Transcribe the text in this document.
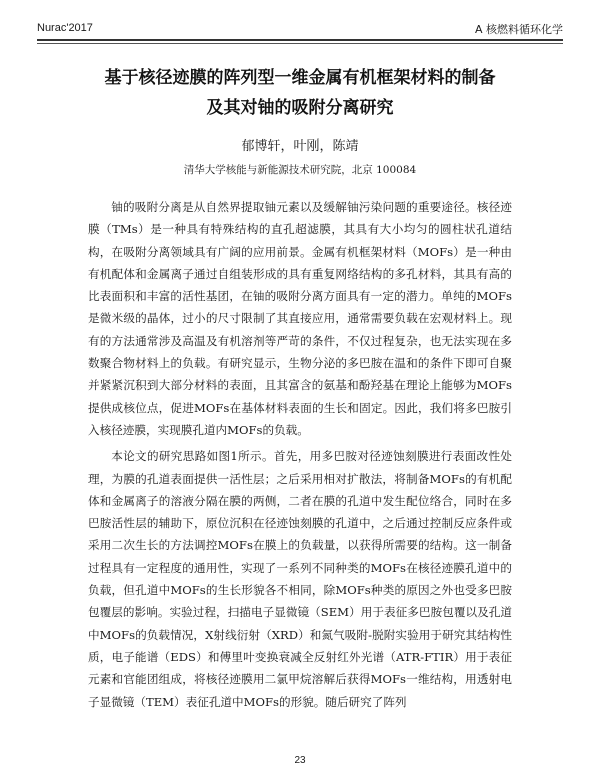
Nurac'2017	A 核燃料循环化学
基于核径迹膜的阵列型一维金属有机框架材料的制备
及其对铀的吸附分离研究
郁博轩，叶刚，陈靖
清华大学核能与新能源技术研究院，北京 100084

铀的吸附分离是从自然界提取铀元素以及缓解铀污染问题的重要途径。核径迹膜（TMs）是一种具有特殊结构的直孔超滤膜，其具有大小均匀的圆柱状孔道结构，在吸附分离领域具有广阔的应用前景。金属有机框架材料（MOFs）是一种由有机配体和金属离子通过自组装形成的具有重复网络结构的多孔材料，其具有高的比表面积和丰富的活性基团，在铀的吸附分离方面具有一定的潜力。单纯的MOFs是微米级的晶体，过小的尺寸限制了其直接应用，通常需要负载在宏观材料上。现有的方法通常涉及高温及有机溶剂等严苛的条件，不仅过程复杂，也无法实现在多数聚合物材料上的负载。有研究显示，生物分泌的多巴胺在温和的条件下即可自聚并紧紧沉积到大部分材料的表面，且其富含的氨基和酚羟基在理论上能够为MOFs提供成核位点，促进MOFs在基体材料表面的生长和固定。因此，我们将多巴胺引入核径迹膜，实现膜孔道内MOFs的负载。

本论文的研究思路如图1所示。首先，用多巴胺对径迹蚀刻膜进行表面改性处理，为膜的孔道表面提供一活性层；之后采用相对扩散法，将制备MOFs的有机配体和金属离子的溶液分隔在膜的两侧，二者在膜的孔道中发生配位络合，同时在多巴胺活性层的辅助下，原位沉积在径迹蚀刻膜的孔道中，之后通过控制反应条件或采用二次生长的方法调控MOFs在膜上的负载量，以获得所需要的结构。这一制备过程具有一定程度的通用性，实现了一系列不同种类的MOFs在核径迹膜孔道中的负载，但孔道中MOFs的生长形貌各不相同，除MOFs种类的原因之外也受多巴胺包覆层的影响。实验过程，扫描电子显微镜（SEM）用于表征多巴胺包覆以及孔道中MOFs的负载情况，X射线衍射（XRD）和氮气吸附-脱附实验用于研究其结构性质，电子能谱（EDS）和傅里叶变换衰减全反射红外光谱（ATR-FTIR）用于表征元素和官能团组成，将核径迹膜用二氯甲烷溶解后获得MOFs一维结构，用透射电子显微镜（TEM）表征孔道中MOFs的形貌。随后研究了阵列

23
